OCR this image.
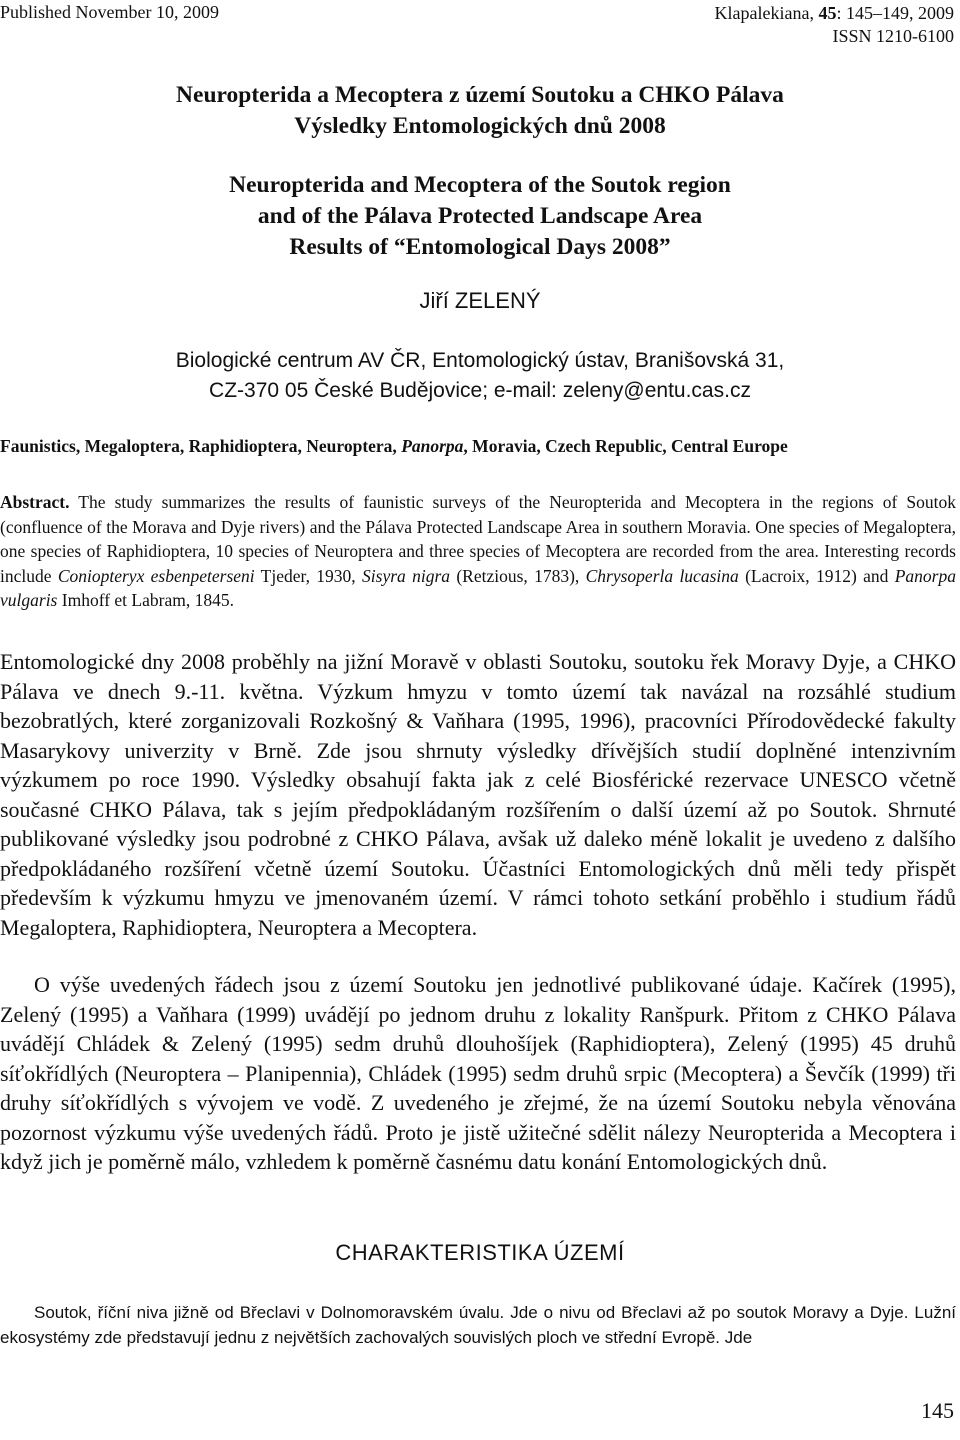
Published November 10, 2009	Klapalekiana, 45: 145–149, 2009
ISSN 1210-6100
Neuropterida a Mecoptera z území Soutoku a CHKO Pálava
Výsledky Entomologických dnů 2008
Neuropterida and Mecoptera of the Soutok region
and of the Pálava Protected Landscape Area
Results of “Entomological Days 2008”
Jiří ZELENÝ
Biologické centrum AV ČR, Entomologický ústav, Branišovská 31,
CZ-370 05 České Budějovice; e-mail: zeleny@entu.cas.cz
Faunistics, Megaloptera, Raphidioptera, Neuroptera, Panorpa, Moravia, Czech Republic, Central Europe
Abstract. The study summarizes the results of faunistic surveys of the Neuropterida and Mecoptera in the regions of Soutok (confluence of the Morava and Dyje rivers) and the Pálava Protected Landscape Area in southern Moravia. One species of Megaloptera, one species of Raphidioptera, 10 species of Neuroptera and three species of Mecoptera are recorded from the area. Interesting records include Coniopteryx esbenpeterseni Tjeder, 1930, Sisyra nigra (Retzious, 1783), Chrysoperla lucasina (Lacroix, 1912) and Panorpa vulgaris Imhoff et Labram, 1845.

Entomologické dny 2008 proběhly na jižní Moravě v oblasti Soutoku, soutoku řek Moravy Dyje, a CHKO Pálava ve dnech 9.-11. května. Výzkum hmyzu v tomto území tak navázal na rozsáhlé studium bezobratlých, které zorganizovali Rozkošný & Vaňhara (1995, 1996), pracovníci Přírodovědecké fakulty Masarykovy univerzity v Brně. Zde jsou shrnuty výsledky dřívějších studií doplněné intenzivním výzkumem po roce 1990. Výsledky obsahují fakta jak z celé Biosférické rezervace UNESCO včetně současné CHKO Pálava, tak s jejím předpokládaným rozšířením o další území až po Soutok. Shrnuté publikované výsledky jsou podrobné z CHKO Pálava, avšak už daleko méně lokalit je uvedeno z dalšího předpokládaného rozšíření včetně území Soutoku. Účastníci Entomologických dnů měli tedy přispět především k výzkumu hmyzu ve jmenovaném území. V rámci tohoto setkání proběhlo i studium řádů Megaloptera, Raphidioptera, Neuroptera a Mecoptera.

O výše uvedených řádech jsou z území Soutoku jen jednotlivé publikované údaje. Kačírek (1995), Zelený (1995) a Vaňhara (1999) uvádějí po jednom druhu z lokality Ranšpurk. Přitom z CHKO Pálava uvádějí Chládek & Zelený (1995) sedm druhů dlouhošíjek (Raphidioptera), Zelený (1995) 45 druhů síťokřídlých (Neuroptera – Planipennia), Chládek (1995) sedm druhů srpic (Mecoptera) a Ševčík (1999) tři druhy síťokřídlých s vývojem ve vodě. Z uvedeného je zřejmé, že na území Soutoku nebyla věnována pozornost výzkumu výše uvedených řádů. Proto je jistě užitečné sdělit nálezy Neuropterida a Mecoptera i když jich je poměrně málo, vzhledem k poměrně časnému datu konání Entomologických dnů.

CHARAKTERISTIKA ÚZEMÍ

Soutok, říční niva jižně od Břeclavi v Dolnomoravském úvalu. Jde o nivu od Břeclavi až po soutok Moravy a Dyje. Lužní ekosystémy zde představují jednu z největších zachovalých souvislých ploch ve střední Evropě. Jde

145
